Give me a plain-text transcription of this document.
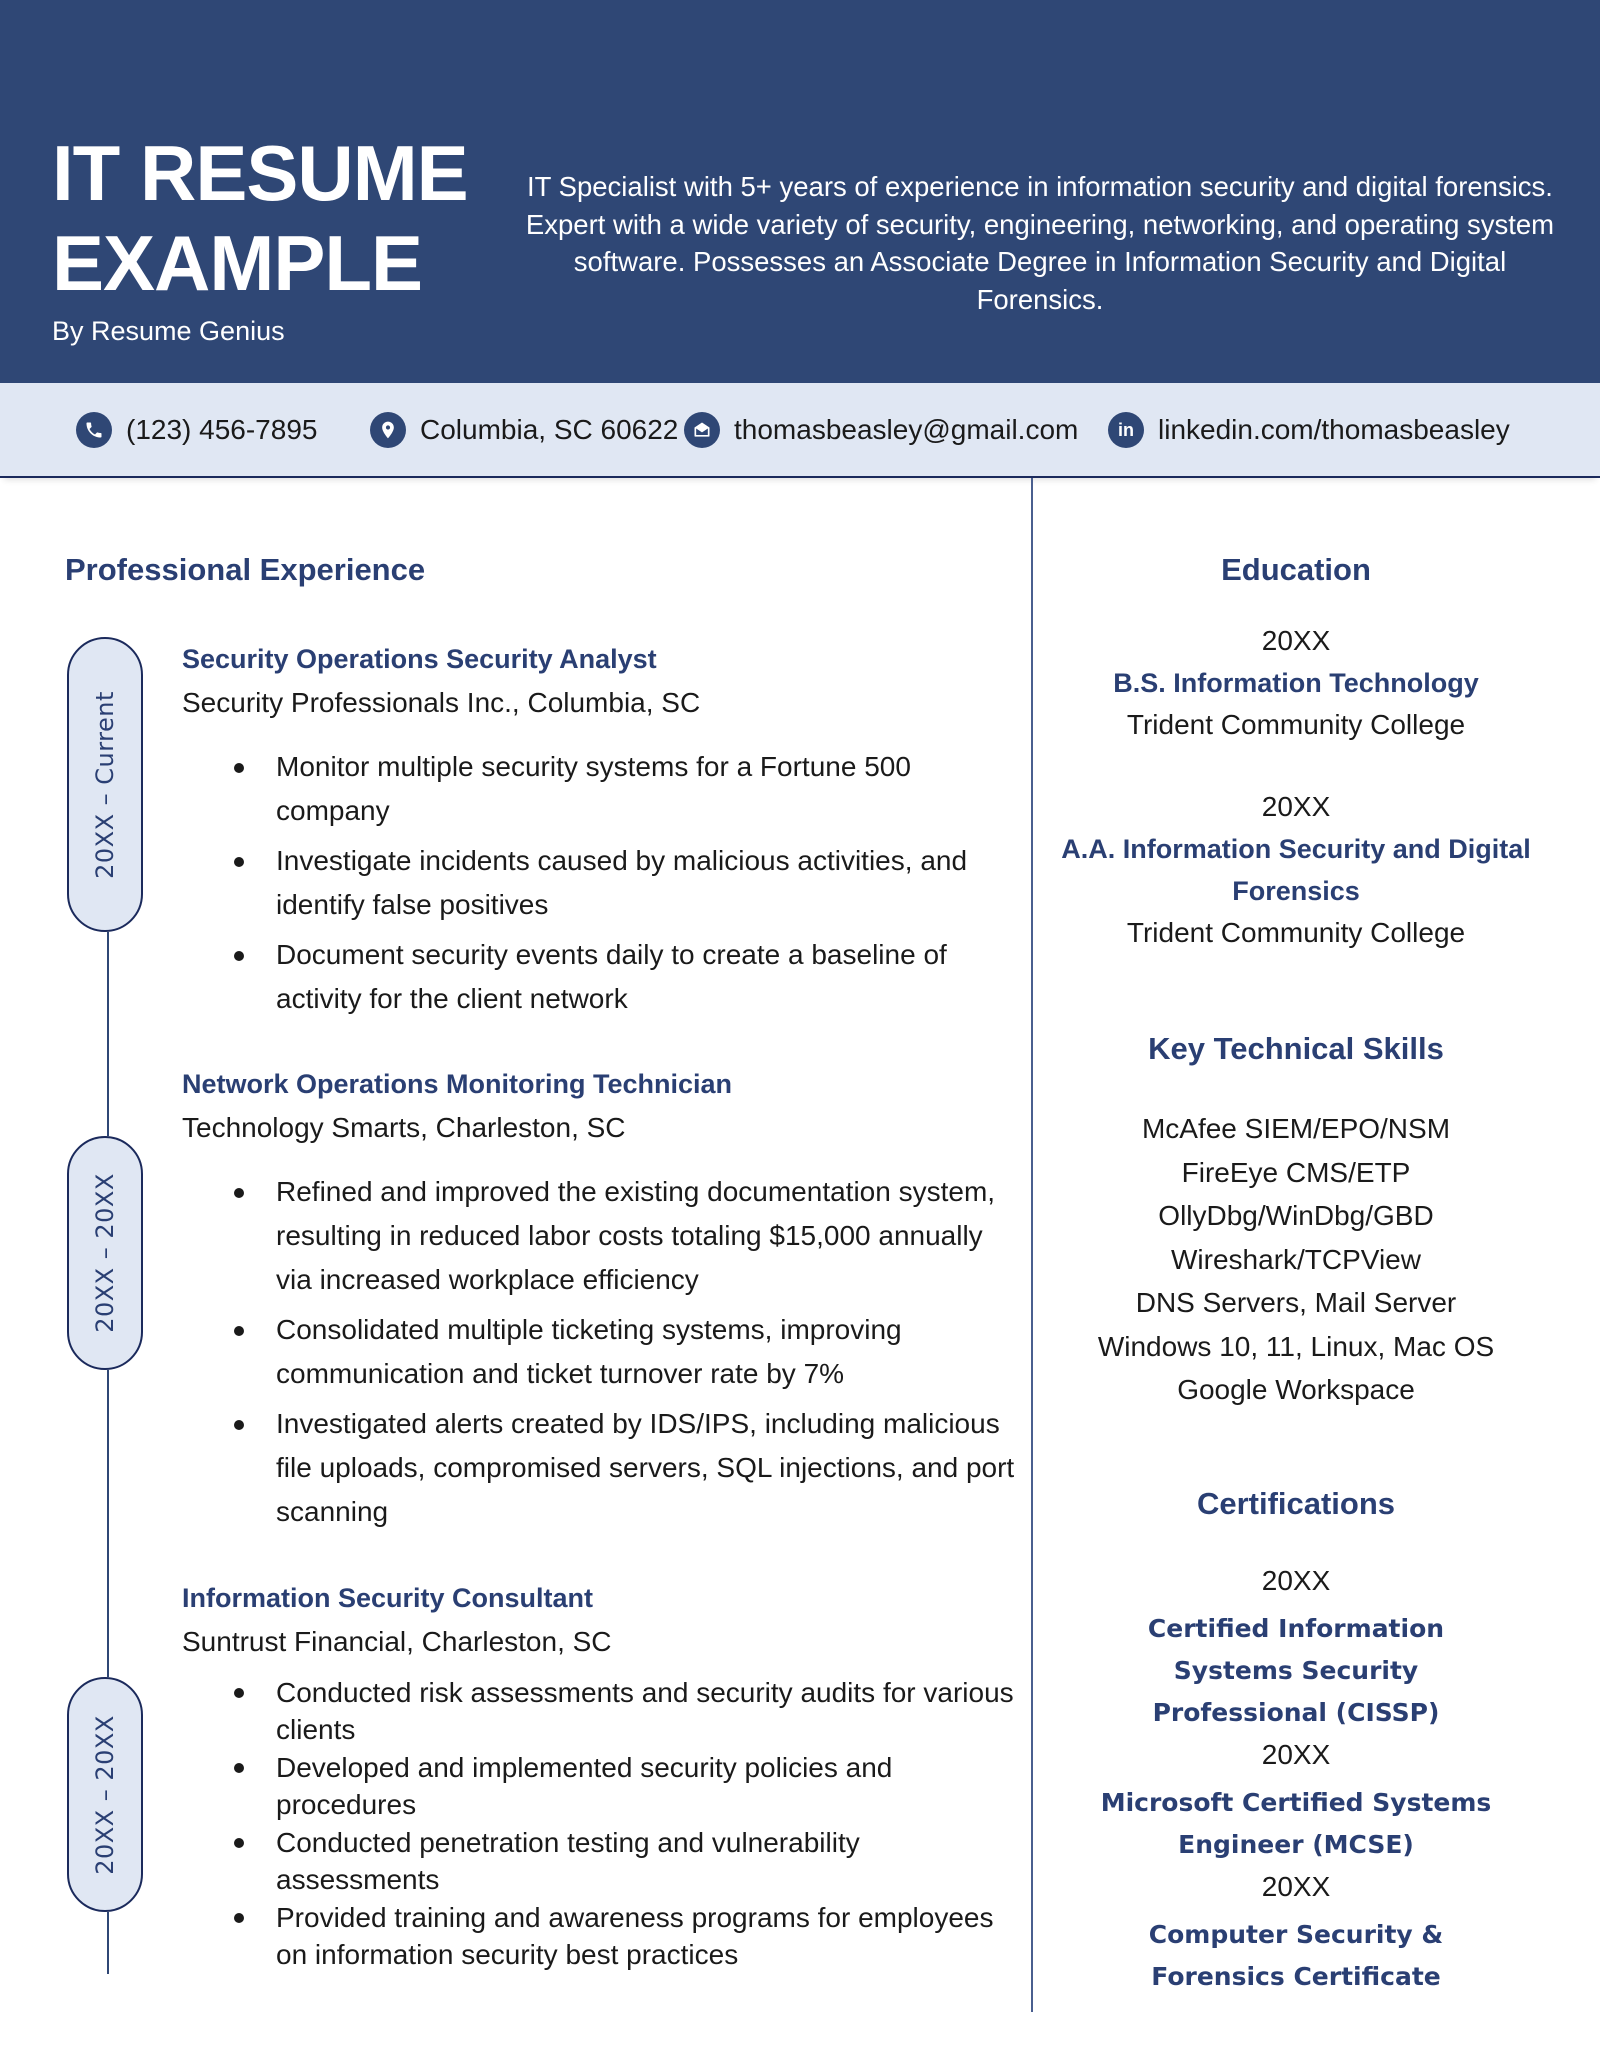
IT RESUME
EXAMPLE
By Resume Genius
IT Specialist with 5+ years of experience in information security and digital forensics. Expert with a wide variety of security, engineering, networking, and operating system software. Possesses an Associate Degree in Information Security and Digital Forensics.
(123) 456-7895	Columbia, SC 60622 thomasbeasley@gmail.com in linkedin.com/thomasbeasley
Professional Experience
20XX – Current
20XX – 20XX
20XX – 20XX
Security Operations Security Analyst
Security Professionals Inc., Columbia, SC
Monitor multiple security systems for a Fortune 500 company
Investigate incidents caused by malicious activities, and identify false positives
Document security events daily to create a baseline of activity for the client network
Network Operations Monitoring Technician
Technology Smarts, Charleston, SC
Refined and improved the existing documentation system, resulting in reduced labor costs totaling $15,000 annually via increased workplace efficiency
Consolidated multiple ticketing systems, improving communication and ticket turnover rate by 7%
Investigated alerts created by IDS/IPS, including malicious file uploads, compromised servers, SQL injections, and port scanning
Information Security Consultant
Suntrust Financial, Charleston, SC
Conducted risk assessments and security audits for various clients
Developed and implemented security policies and procedures
Conducted penetration testing and vulnerability assessments
Provided training and awareness programs for employees on information security best practices
Education
20XX
B.S. Information Technology
Trident Community College
20XX
A.A. Information Security and Digital Forensics
Trident Community College
Key Technical Skills
McAfee SIEM/EPO/NSM
FireEye CMS/ETP
OllyDbg/WinDbg/GBD
Wireshark/TCPView
DNS Servers, Mail Server
Windows 10, 11, Linux, Mac OS
Google Workspace
Certifications
20XX
Certified Information Systems Security Professional (CISSP)
20XX
Microsoft Certified Systems Engineer (MCSE)
20XX
Computer Security & Forensics Certificate
